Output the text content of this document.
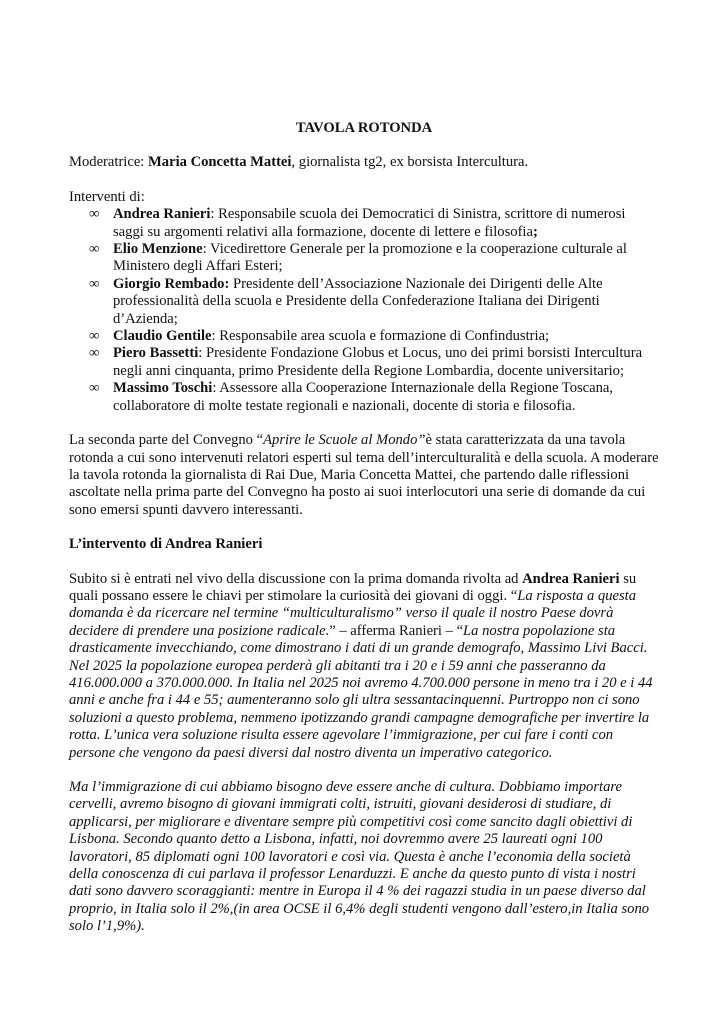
TAVOLA ROTONDA

Moderatrice: Maria Concetta Mattei, giornalista tg2, ex borsista Intercultura.

Interventi di:

∞ Andrea Ranieri: Responsabile scuola dei Democratici di Sinistra, scrittore di numerosi saggi su argomenti relativi alla formazione, docente di lettere e filosofia;
∞ Elio Menzione: Vicedirettore Generale per la promozione e la cooperazione culturale al Ministero degli Affari Esteri;
∞ Giorgio Rembado: Presidente dell’Associazione Nazionale dei Dirigenti delle Alte professionalità della scuola e Presidente della Confederazione Italiana dei Dirigenti d’Azienda;
∞ Claudio Gentile: Responsabile area scuola e formazione di Confindustria;
∞ Piero Bassetti: Presidente Fondazione Globus et Locus, uno dei primi borsisti Intercultura negli anni cinquanta, primo Presidente della Regione Lombardia, docente universitario;
∞ Massimo Toschi: Assessore alla Cooperazione Internazionale della Regione Toscana, collaboratore di molte testate regionali e nazionali, docente di storia e filosofia.

La seconda parte del Convegno “Aprire le Scuole al Mondo”è stata caratterizzata da una tavola rotonda a cui sono intervenuti relatori esperti sul tema dell’interculturalità e della scuola. A moderare la tavola rotonda la giornalista di Rai Due, Maria Concetta Mattei, che partendo dalle riflessioni ascoltate nella prima parte del Convegno ha posto ai suoi interlocutori una serie di domande da cui sono emersi spunti davvero interessanti.

L’intervento di Andrea Ranieri

Subito si è entrati nel vivo della discussione con la prima domanda rivolta ad Andrea Ranieri su quali possano essere le chiavi per stimolare la curiosità dei giovani di oggi. “La risposta a questa domanda è da ricercare nel termine “multiculturalismo” verso il quale il nostro Paese dovrà decidere di prendere una posizione radicale.” – afferma Ranieri – “La nostra popolazione sta drasticamente invecchiando, come dimostrano i dati di un grande demografo, Massimo Livi Bacci. Nel 2025 la popolazione europea perderà gli abitanti tra i 20 e i 59 anni che passeranno da 416.000.000 a 370.000.000. In Italia nel 2025 noi avremo 4.700.000 persone in meno tra i 20 e i 44 anni e anche fra i 44 e 55; aumenteranno solo gli ultra sessantacinquenni. Purtroppo non ci sono soluzioni a questo problema, nemmeno ipotizzando grandi campagne demografiche per invertire la rotta. L’unica vera soluzione risulta essere agevolare l’immigrazione, per cui fare i conti con persone che vengono da paesi diversi dal nostro diventa un imperativo categorico.

Ma l’immigrazione di cui abbiamo bisogno deve essere anche di cultura. Dobbiamo importare cervelli, avremo bisogno di giovani immigrati colti, istruiti, giovani desiderosi di studiare, di applicarsi, per migliorare e diventare sempre più competitivi così come sancito dagli obiettivi di Lisbona. Secondo quanto detto a Lisbona, infatti, noi dovremmo avere 25 laureati ogni 100 lavoratori, 85 diplomati ogni 100 lavoratori e così via. Questa è anche l’economia della società della conoscenza di cui parlava il professor Lenarduzzi. E anche da questo punto di vista i nostri dati sono davvero scoraggianti: mentre in Europa il 4 % dei ragazzi studia in un paese diverso dal proprio, in Italia solo il 2%,(in area OCSE il 6,4% degli studenti vengono dall’estero,in Italia sono solo l’1,9%).
